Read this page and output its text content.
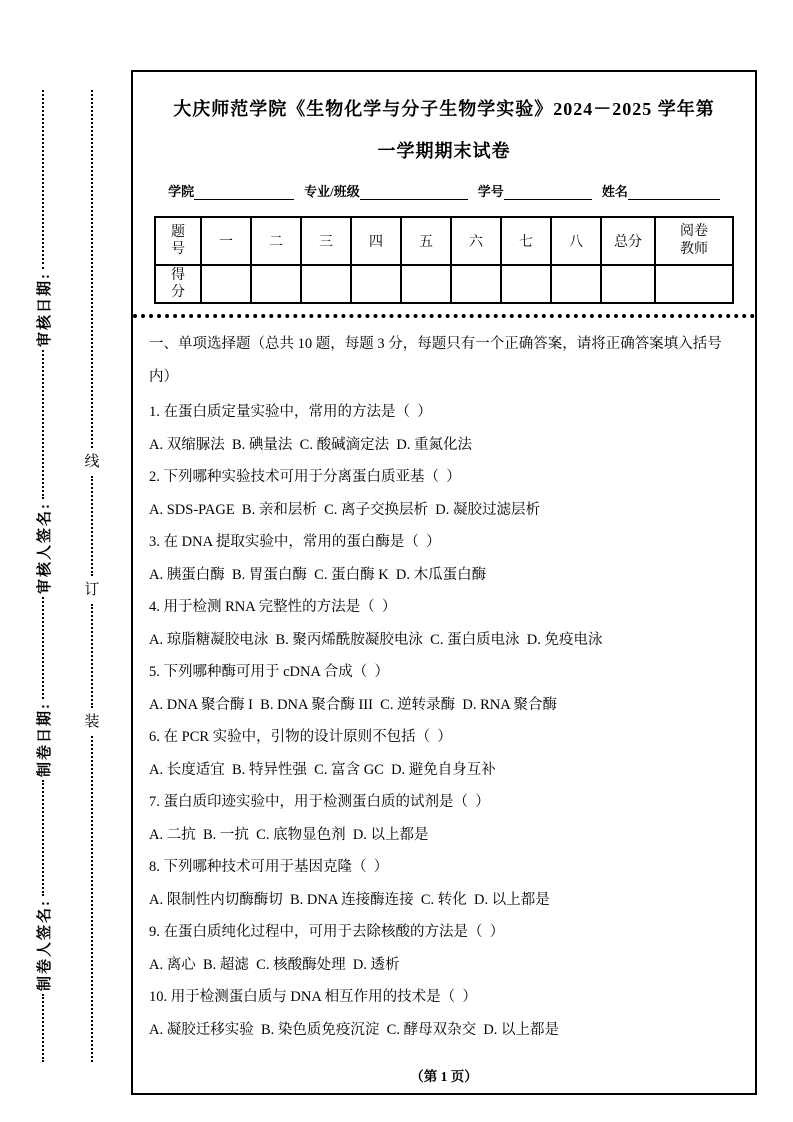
制卷人签名:
制卷日期:
审核人签名:
审核日期:
线
订
装
大庆师范学院《生物化学与分子生物学实验》2024－2025 学年第
一学期期末试卷
学院	专业/班级	学号	姓名
题号	一	二	三	四	五	六	七	八	总分	阅卷教师
得分										
一、单项选择题（总共 10 题，每题 3 分，每题只有一个正确答案，请将正确答案填入括号内）
1. 在蛋白质定量实验中，常用的方法是（  ）
A. 双缩脲法  B. 碘量法  C. 酸碱滴定法  D. 重氮化法
2. 下列哪种实验技术可用于分离蛋白质亚基（  ）
A. SDS-PAGE  B. 亲和层析  C. 离子交换层析  D. 凝胶过滤层析
3. 在 DNA 提取实验中，常用的蛋白酶是（  ）
A. 胰蛋白酶  B. 胃蛋白酶  C. 蛋白酶 K  D. 木瓜蛋白酶
4. 用于检测 RNA 完整性的方法是（  ）
A. 琼脂糖凝胶电泳  B. 聚丙烯酰胺凝胶电泳  C. 蛋白质电泳  D. 免疫电泳
5. 下列哪种酶可用于 cDNA 合成（  ）
A. DNA 聚合酶 I  B. DNA 聚合酶 III  C. 逆转录酶  D. RNA 聚合酶
6. 在 PCR 实验中，引物的设计原则不包括（  ）
A. 长度适宜  B. 特异性强  C. 富含 GC  D. 避免自身互补
7. 蛋白质印迹实验中，用于检测蛋白质的试剂是（  ）
A. 二抗  B. 一抗  C. 底物显色剂  D. 以上都是
8. 下列哪种技术可用于基因克隆（  ）
A. 限制性内切酶酶切  B. DNA 连接酶连接  C. 转化  D. 以上都是
9. 在蛋白质纯化过程中，可用于去除核酸的方法是（  ）
A. 离心  B. 超滤  C. 核酸酶处理  D. 透析
10. 用于检测蛋白质与 DNA 相互作用的技术是（  ）
A. 凝胶迁移实验  B. 染色质免疫沉淀  C. 酵母双杂交  D. 以上都是
（第 1 页）
